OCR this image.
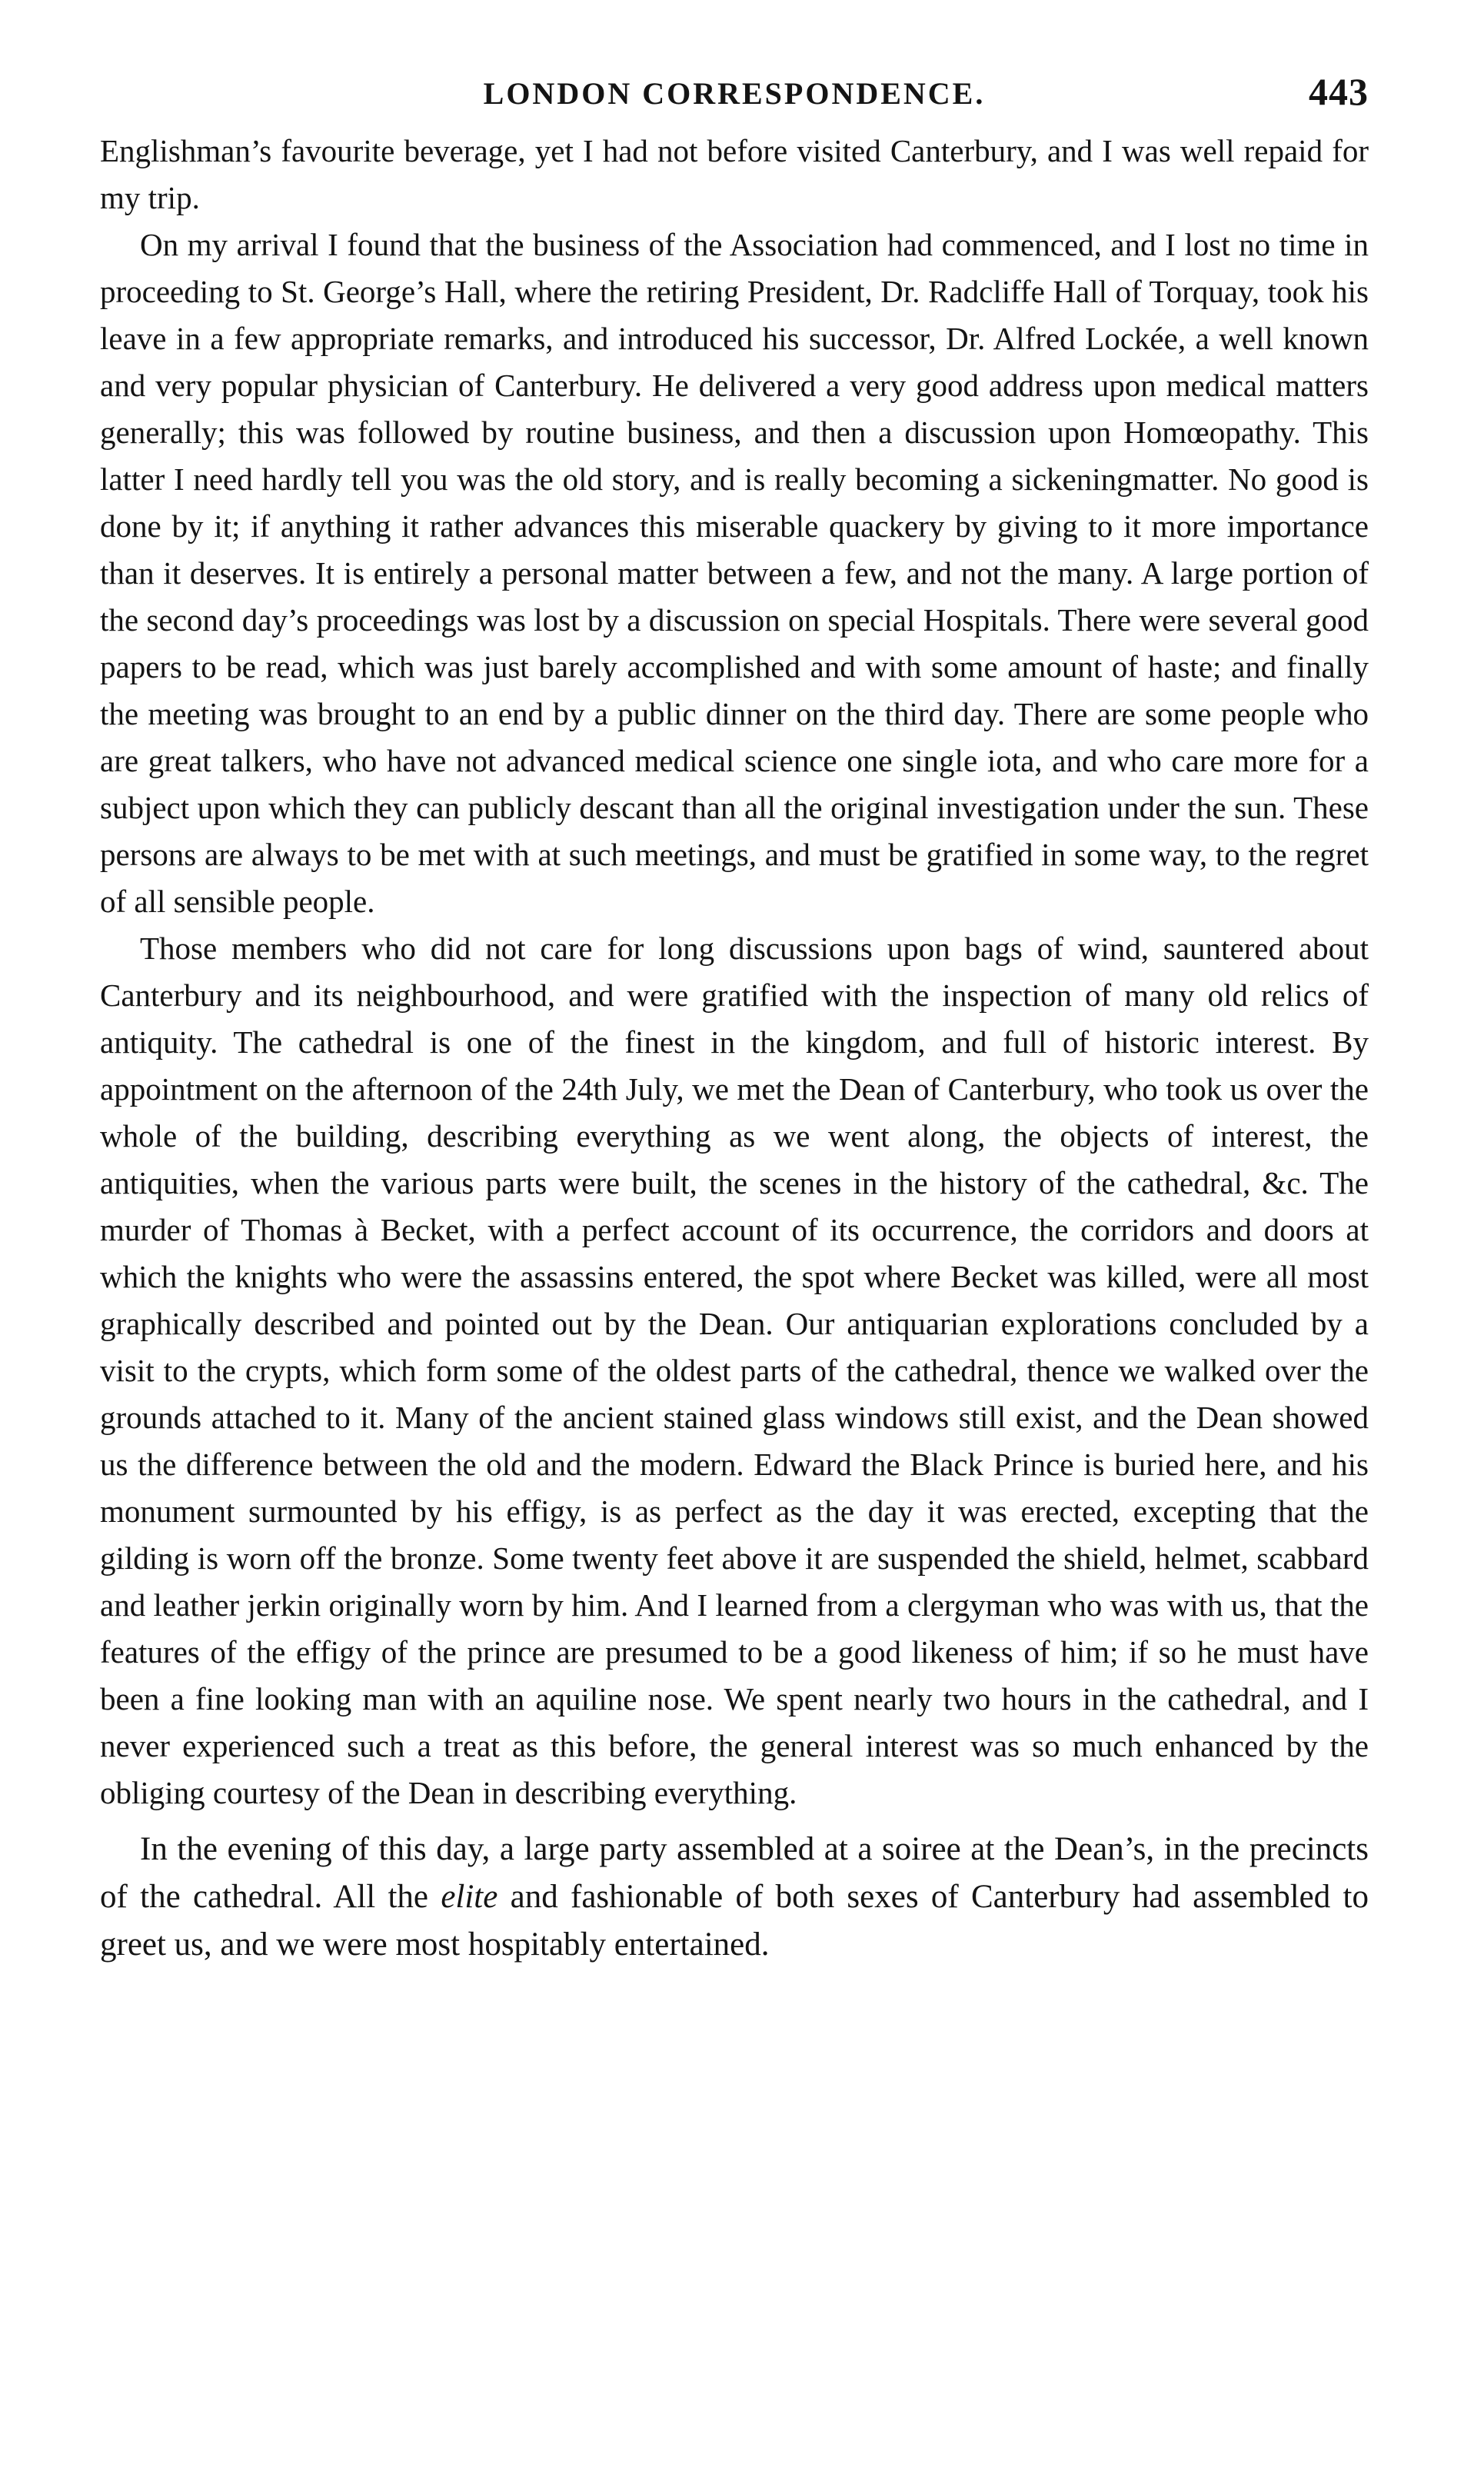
LONDON CORRESPONDENCE.	443

Englishman’s favourite beverage, yet I had not before visited Canterbury, and I was well repaid for my trip.

On my arrival I found that the business of the Association had commenced, and I lost no time in proceeding to St. George’s Hall, where the retiring President, Dr. Radcliffe Hall of Torquay, took his leave in a few appropriate remarks, and introduced his successor, Dr. Alfred Lockée, a well known and very popular physician of Canterbury. He delivered a very good address upon medical matters generally; this was followed by routine business, and then a discussion upon Homœopathy. This latter I need hardly tell you was the old story, and is really becoming a sickeningmatter. No good is done by it; if anything it rather advances this miserable quackery by giving to it more importance than it deserves. It is entirely a personal matter between a few, and not the many. A large portion of the second day’s proceedings was lost by a discussion on special Hospitals. There were several good papers to be read, which was just barely accomplished and with some amount of haste; and finally the meeting was brought to an end by a public dinner on the third day. There are some people who are great talkers, who have not advanced medical science one single iota, and who care more for a subject upon which they can publicly descant than all the original investigation under the sun. These persons are always to be met with at such meetings, and must be gratified in some way, to the regret of all sensible people.

Those members who did not care for long discussions upon bags of wind, sauntered about Canterbury and its neighbourhood, and were gratified with the inspection of many old relics of antiquity. The cathedral is one of the finest in the kingdom, and full of historic interest. By appointment on the afternoon of the 24th July, we met the Dean of Canterbury, who took us over the whole of the building, describing everything as we went along, the objects of interest, the antiquities, when the various parts were built, the scenes in the history of the cathedral, &c. The murder of Thomas à Becket, with a perfect account of its occurrence, the corridors and doors at which the knights who were the assassins entered, the spot where Becket was killed, were all most graphically described and pointed out by the Dean. Our antiquarian explorations concluded by a visit to the crypts, which form some of the oldest parts of the cathedral, thence we walked over the grounds attached to it. Many of the ancient stained glass windows still exist, and the Dean showed us the difference between the old and the modern. Edward the Black Prince is buried here, and his monument surmounted by his effigy, is as perfect as the day it was erected, excepting that the gilding is worn off the bronze. Some twenty feet above it are suspended the shield, helmet, scabbard and leather jerkin originally worn by him. And I learned from a clergyman who was with us, that the features of the effigy of the prince are presumed to be a good likeness of him; if so he must have been a fine looking man with an aquiline nose. We spent nearly two hours in the cathedral, and I never experienced such a treat as this before, the general interest was so much enhanced by the obliging courtesy of the Dean in describing everything.

In the evening of this day, a large party assembled at a soiree at the Dean’s, in the precincts of the cathedral. All the elite and fashionable of both sexes of Canterbury had assembled to greet us, and we were most hospitably entertained.
